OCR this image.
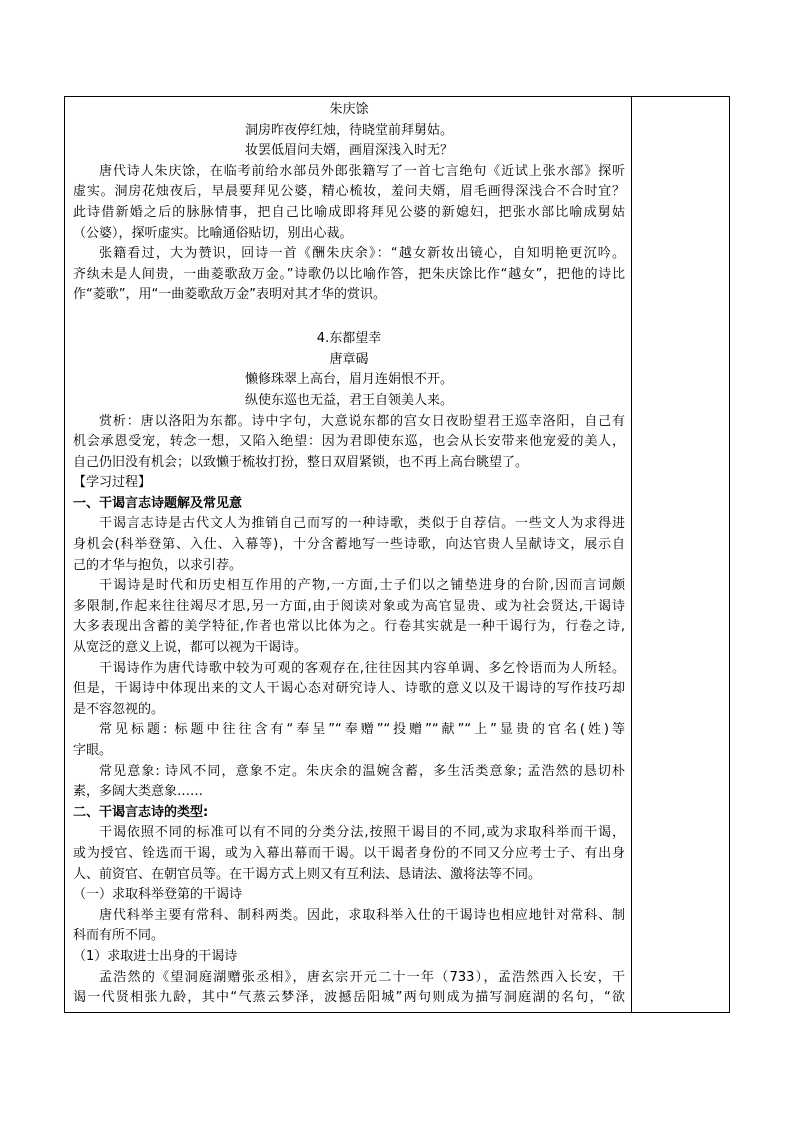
朱庆馀
洞房昨夜停红烛，待晓堂前拜舅姑。
妆罢低眉问夫婿，画眉深浅入时无？
唐代诗人朱庆馀，在临考前给水部员外郎张籍写了一首七言绝句《近试上张水部》探听
虚实。洞房花烛夜后，早晨要拜见公婆，精心梳妆，羞问夫婿，眉毛画得深浅合不合时宜？
此诗借新婚之后的脉脉情事，把自己比喻成即将拜见公婆的新媳妇，把张水部比喻成舅姑
（公婆），探听虚实。比喻通俗贴切，别出心裁。
张籍看过，大为赞识，回诗一首《酬朱庆余》：“越女新妆出镜心，自知明艳更沉吟。
齐纨未是人间贵，一曲菱歌敌万金。”诗歌仍以比喻作答，把朱庆馀比作“越女”，把他的诗比
作“菱歌”，用“一曲菱歌敌万金”表明对其才华的赏识。
4.东都望幸
唐章碣
懒修珠翠上高台，眉月连娟恨不开。
纵使东巡也无益，君王自领美人来。
赏析：唐以洛阳为东都。诗中字句，大意说东都的宫女日夜盼望君王巡幸洛阳，自己有
机会承恩受宠，转念一想，又陷入绝望：因为君即使东巡，也会从长安带来他宠爱的美人，
自己仍旧没有机会；以致懒于梳妆打扮，整日双眉紧锁，也不再上高台眺望了。
【学习过程】
一、干谒言志诗题解及常见意
干谒言志诗是古代文人为推销自己而写的一种诗歌，类似于自荐信。一些文人为求得进
身机会(科举登第、入仕、入幕等)，十分含蓄地写一些诗歌，向达官贵人呈献诗文，展示自
己的才华与抱负，以求引荐。
干谒诗是时代和历史相互作用的产物,一方面,士子们以之铺垫进身的台阶,因而言词颇
多限制,作起来往往竭尽才思,另一方面,由于阅读对象或为高官显贵、或为社会贤达,干谒诗
大多表现出含蓄的美学特征,作者也常以比体为之。行卷其实就是一种干谒行为，行卷之诗,
从宽泛的意义上说，都可以视为干谒诗。
干谒诗作为唐代诗歌中较为可观的客观存在,往往因其内容单调、多乞怜语而为人所轻。
但是，干谒诗中体现出来的文人干谒心态对研究诗人、诗歌的意义以及干谒诗的写作技巧却
是不容忽视的。
常见标题: 标题中往往含有“奉呈”“奉赠”“投赠”“献”“上”显贵的官名(姓)等
字眼。
常见意象: 诗风不同，意象不定。朱庆余的温婉含蓄，多生活类意象; 孟浩然的恳切朴
素，多阔大类意象……
二、干谒言志诗的类型:
干谒依照不同的标准可以有不同的分类分法,按照干谒目的不同,或为求取科举而干谒，
或为授官、铨选而干谒，或为入幕出幕而干谒。以干谒者身份的不同又分应考士子、有出身
人、前资官、在朝官员等。在干谒方式上则又有互利法、恳请法、激将法等不同。
（一）求取科举登第的干谒诗
唐代科举主要有常科、制科两类。因此，求取科举入仕的干谒诗也相应地针对常科、制
科而有所不同。
（1）求取进士出身的干谒诗
孟浩然的《望洞庭湖赠张丞相》，唐玄宗开元二十一年（733），孟浩然西入长安，干
谒一代贤相张九龄，其中“气蒸云梦泽，波撼岳阳城”两句则成为描写洞庭湖的名句，“欲
